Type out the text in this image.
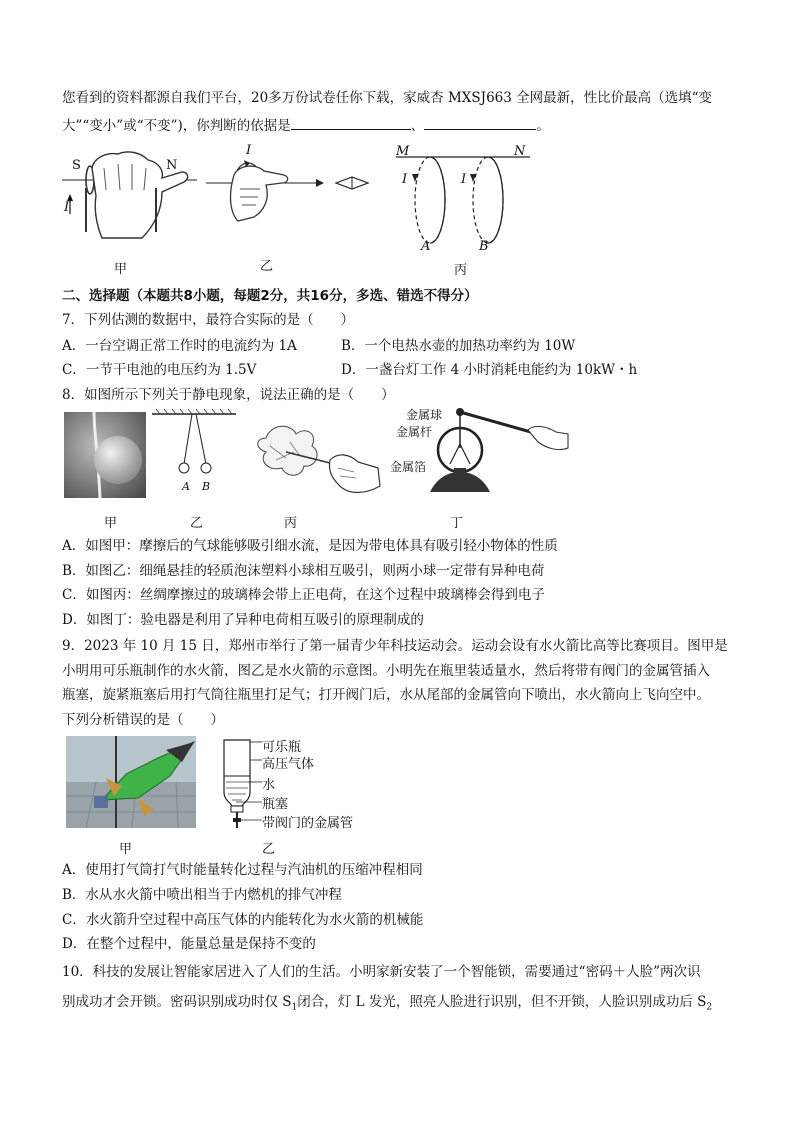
您看到的资料都源自我们平台，20多万份试卷任你下载，家威杏 MXSJ663 全网最新，性比价最高（选填“变
大”“变小”或“不变”)，你判断的依据是	、	。
S	N
I
甲
I
乙
M	N
I	I
A	B
丙
二、选择题（本题共8小题，每题2分，共16分，多选、错选不得分）
7．下列估测的数据中，最符合实际的是（　　）
A．一台空调正常工作时的电流约为 1A	B．一个电热水壶的加热功率约为 10W
C．一节干电池的电压约为 1.5V	D．一盏台灯工作 4 小时消耗电能约为 10kW・h
8．如图所示下列关于静电现象，说法正确的是（　　）
甲
A B
乙	丙
金属球
金属杆
金属箔
丁
A．如图甲：摩擦后的气球能够吸引细水流，是因为带电体具有吸引轻小物体的性质
B．如图乙：细绳悬挂的轻质泡沫塑料小球相互吸引，则两小球一定带有异种电荷
C．如图丙：丝绸摩擦过的玻璃棒会带上正电荷，在这个过程中玻璃棒会得到电子
D．如图丁：验电器是利用了异种电荷相互吸引的原理制成的
9．2023 年 10 月 15 日，郑州市举行了第一届青少年科技运动会。运动会设有水火箭比高等比赛项目。图甲是
小明用可乐瓶制作的水火箭，图乙是水火箭的示意图。小明先在瓶里装适量水，然后将带有阀门的金属管插入
瓶塞，旋紧瓶塞后用打气筒往瓶里打足气；打开阀门后，水从尾部的金属管向下喷出，水火箭向上飞向空中。
下列分析错误的是（　　）
甲
可乐瓶
高压气体
水
瓶塞
带阀门的金属管
乙
A．使用打气筒打气时能量转化过程与汽油机的压缩冲程相同
B．水从水火箭中喷出相当于内燃机的排气冲程
C．水火箭升空过程中高压气体的内能转化为水火箭的机械能
D．在整个过程中，能量总量是保持不变的
10．科技的发展让智能家居进入了人们的生活。小明家新安装了一个智能锁，需要通过“密码＋人脸”两次识
别成功才会开锁。密码识别成功时仅 $S_1$闭合，灯 L 发光，照亮人脸进行识别，但不开锁，人脸识别成功后 $S_2$
